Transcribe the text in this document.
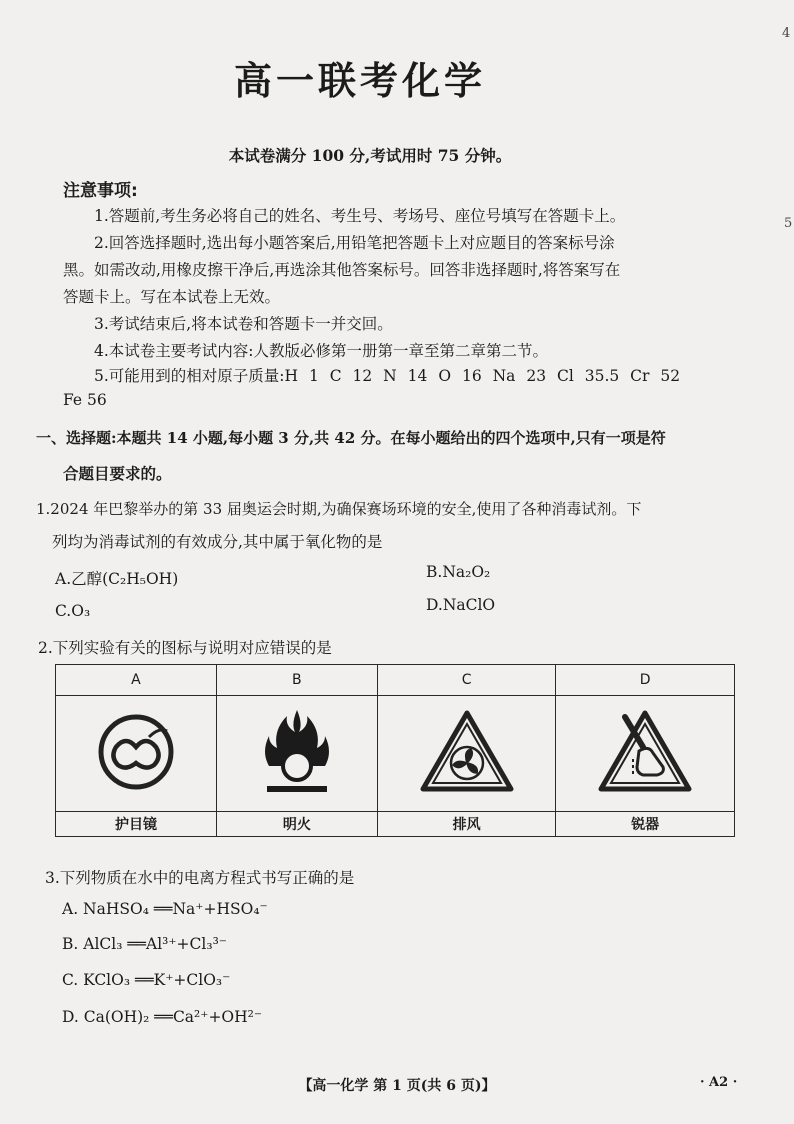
高一联考化学
本试卷满分 100 分,考试用时 75 分钟。
4
5
注意事项:
1.答题前,考生务必将自己的姓名、考生号、考场号、座位号填写在答题卡上。
2.回答选择题时,选出每小题答案后,用铅笔把答题卡上对应题目的答案标号涂
黑。如需改动,用橡皮擦干净后,再选涂其他答案标号。回答非选择题时,将答案写在
答题卡上。写在本试卷上无效。
3.考试结束后,将本试卷和答题卡一并交回。
4.本试卷主要考试内容:人教版必修第一册第一章至第二章第二节。
5.可能用到的相对原子质量:H 1 C 12 N 14 O 16 Na 23 Cl 35.5 Cr 52
Fe 56
一、选择题:本题共 14 小题,每小题 3 分,共 42 分。在每小题给出的四个选项中,只有一项是符
合题目要求的。
1.2024 年巴黎举办的第 33 届奥运会时期,为确保赛场环境的安全,使用了各种消毒试剂。下
列均为消毒试剂的有效成分,其中属于氧化物的是
A.乙醇(C₂H₅OH)	B.Na₂O₂
C.O₃	D.NaClO
2.下列实验有关的图标与说明对应错误的是
A	B	C	D

护目镜	明火	排风	锐器
3.下列物质在水中的电离方程式书写正确的是
A. NaHSO₄ ══Na⁺+HSO₄⁻
B. AlCl₃ ══Al³⁺+Cl₃³⁻
C. KClO₃ ══K⁺+ClO₃⁻
D. Ca(OH)₂ ══Ca²⁺+OH²⁻
【高一化学 第 1 页(共 6 页)】	· A2 ·
